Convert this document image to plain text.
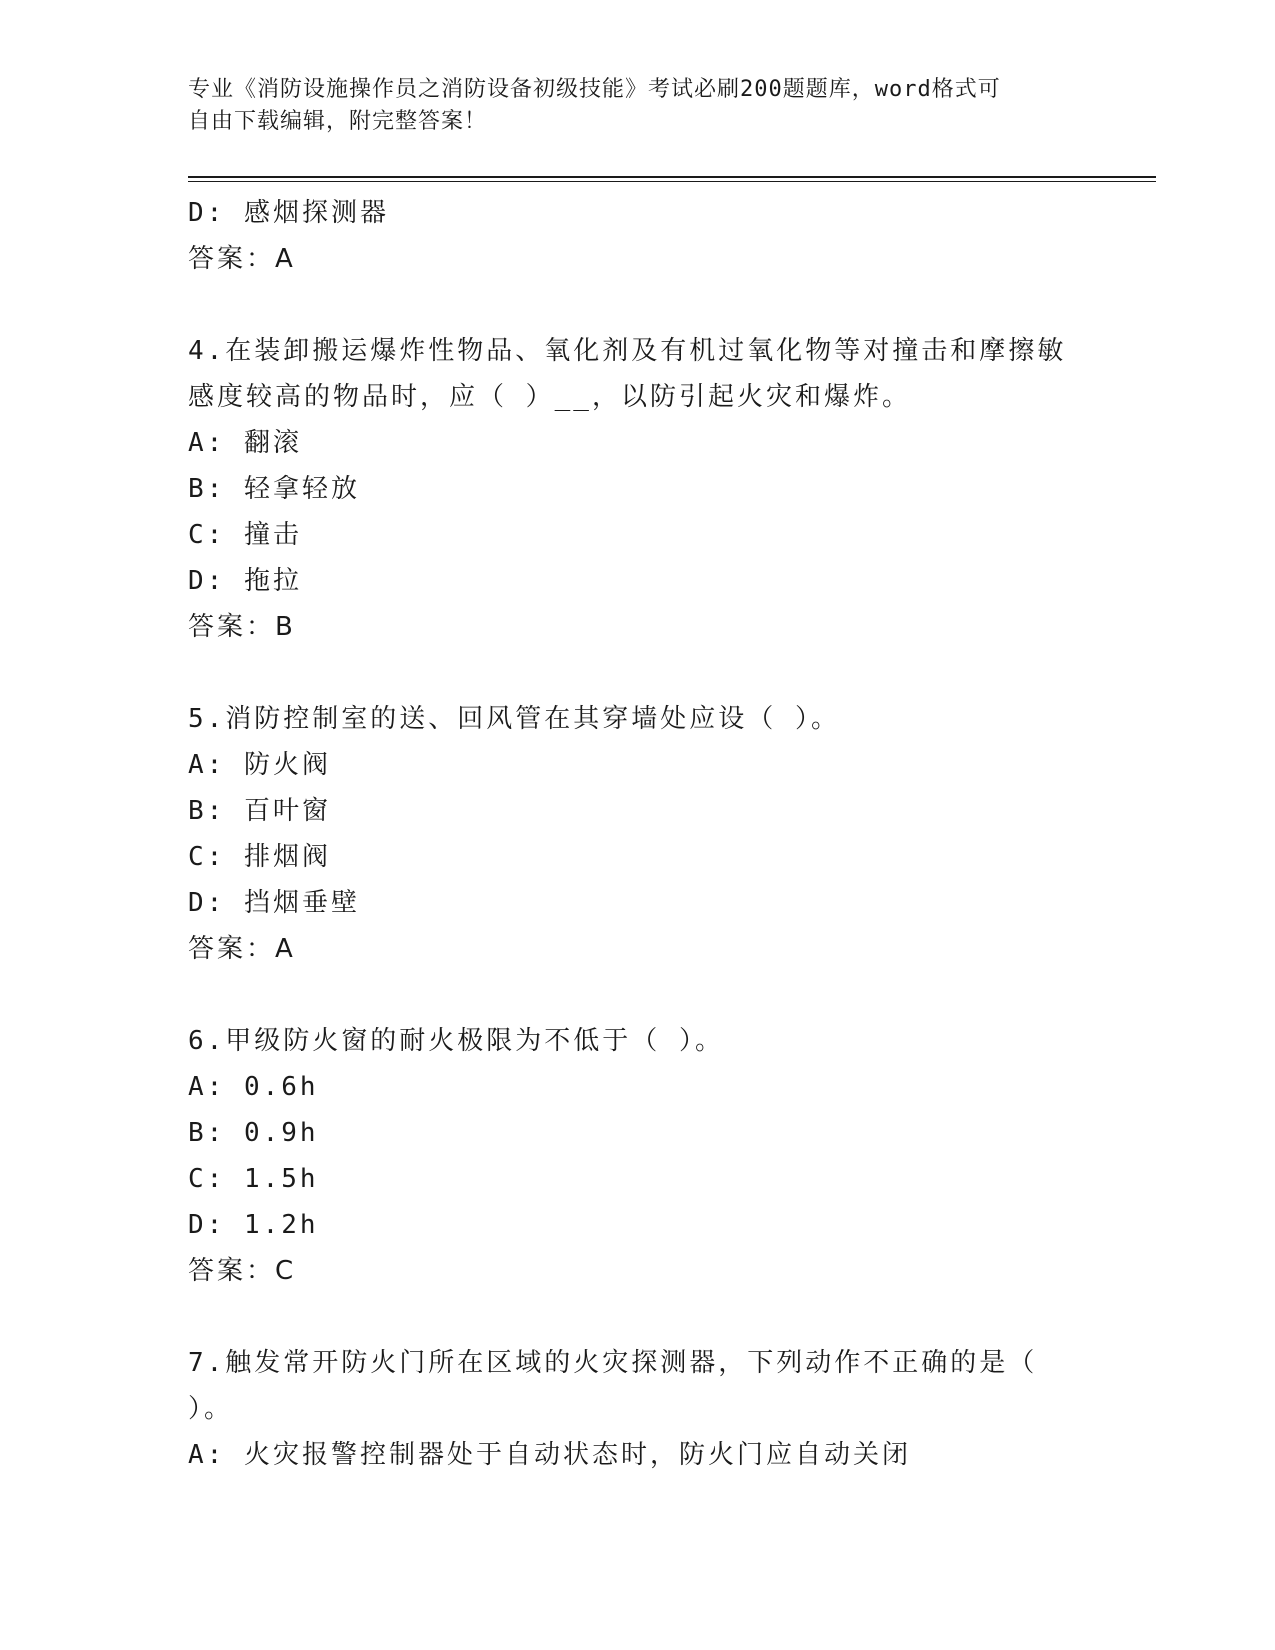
专业《消防设施操作员之消防设备初级技能》考试必刷200题题库，word格式可
自由下载编辑，附完整答案！
D: 感烟探测器
答案：A
4.在装卸搬运爆炸性物品、氧化剂及有机过氧化物等对撞击和摩擦敏
感度较高的物品时，应（ ）__，以防引起火灾和爆炸。
A: 翻滚
B: 轻拿轻放
C: 撞击
D: 拖拉
答案：B
5.消防控制室的送、回风管在其穿墙处应设（ ）。
A: 防火阀
B: 百叶窗
C: 排烟阀
D: 挡烟垂壁
答案：A
6.甲级防火窗的耐火极限为不低于（ ）。
A: 0.6h
B: 0.9h
C: 1.5h
D: 1.2h
答案：C
7.触发常开防火门所在区域的火灾探测器，下列动作不正确的是（
）。
A: 火灾报警控制器处于自动状态时，防火门应自动关闭
